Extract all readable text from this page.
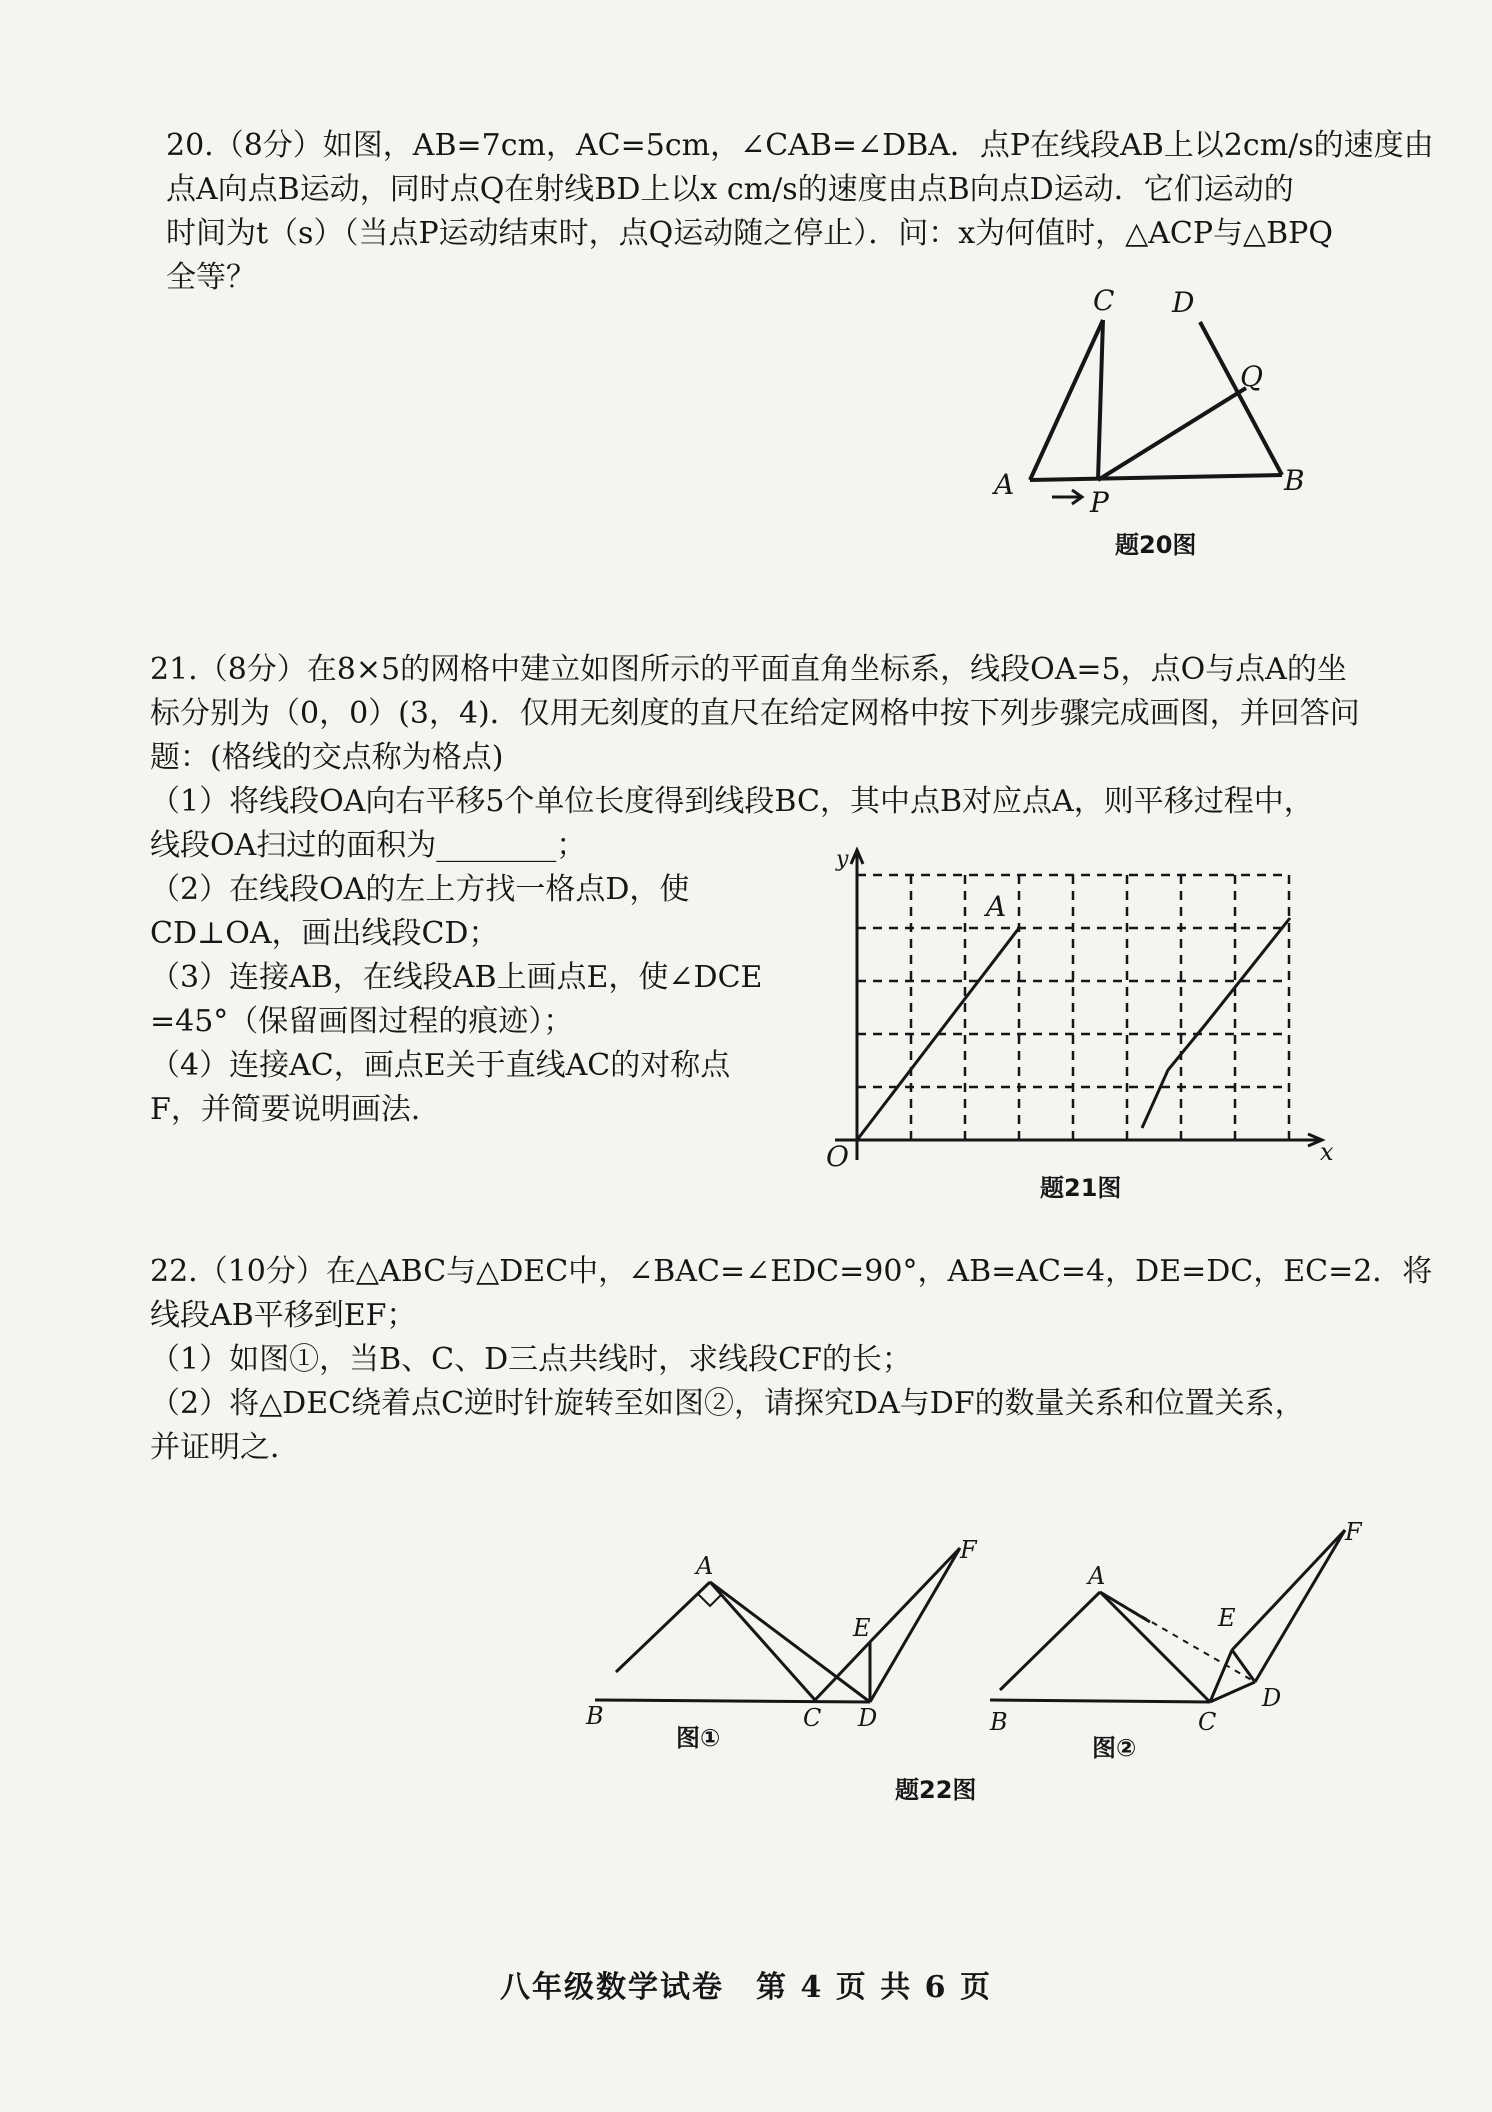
20.（8分）如图，AB=7cm，AC=5cm，∠CAB=∠DBA．点P在线段AB上以2cm/s的速度由

点A向点B运动，同时点Q在射线BD上以x cm/s的速度由点B向点D运动．它们运动的

时间为t（s）（当点P运动结束时，点Q运动随之停止）．问：x为何值时，△ACP与△BPQ

全等？

C D
Q
A
P
B
题20图

21.（8分）在8×5的网格中建立如图所示的平面直角坐标系，线段OA=5，点O与点A的坐

标分别为（0，0）(3，4)．仅用无刻度的直尺在给定网格中按下列步骤完成画图，并回答问

题：(格线的交点称为格点)

（1）将线段OA向右平移5个单位长度得到线段BC，其中点B对应点A，则平移过程中，

线段OA扫过的面积为________；

（2）在线段OA的左上方找一格点D，使

CD⊥OA，画出线段CD；

（3）连接AB，在线段AB上画点E，使∠DCE

=45°（保留画图过程的痕迹）；

（4）连接AC，画点E关于直线AC的对称点

F，并简要说明画法．

y
A
O	x
题21图

22.（10分）在△ABC与△DEC中，∠BAC=∠EDC=90°，AB=AC=4，DE=DC，EC=2．将

线段AB平移到EF；

（1）如图①，当B、C、D三点共线时，求线段CF的长；

（2）将△DEC绕着点C逆时针旋转至如图②，请探究DA与DF的数量关系和位置关系，

并证明之．

A
B	C D
E
F
A
B	C
D
E
F
图①	图②
题22图
八年级数学试卷　第 4 页 共 6 页
